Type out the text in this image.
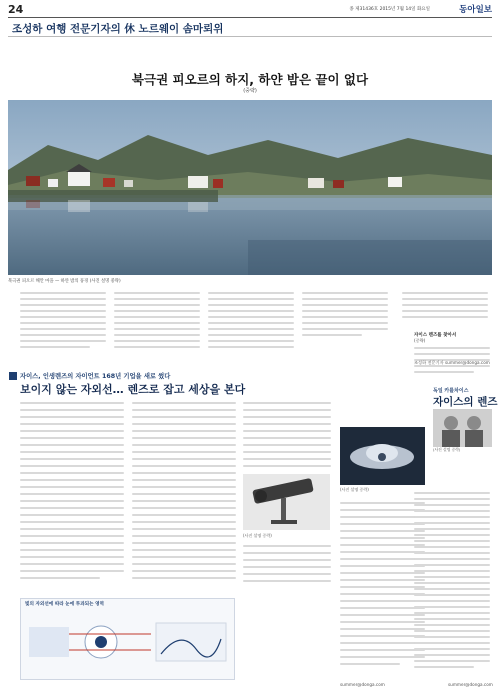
24	종 제31436호 2015년 7월 14일 화요일	동아일보
조성하 여행 전문기자의 休 노르웨이 솜마뢰위
북극권 피오르의 하지, 하얀 밤은 끝이 없다
(중략)
북극권 피오르 해안 마을 — 하얀 밤의 풍경 (사진 설명 중략)
자이스, 인생렌즈의 자이언트 168년 기업을 새로 썼다
보이지 않는 자외선… 렌즈로 잡고 세상을 본다
(사진 설명 중략)
(사진 설명 중략)
빛의 자외선에 따라 눈에 투과되는 영역
summer@donga.com
자이스 렌즈를 찾아서
(중략)
독일 카를차이스
자이스의 렌즈
(사진 설명 중략)
summer@donga.com
조성하 전문기자 summer@donga.com
